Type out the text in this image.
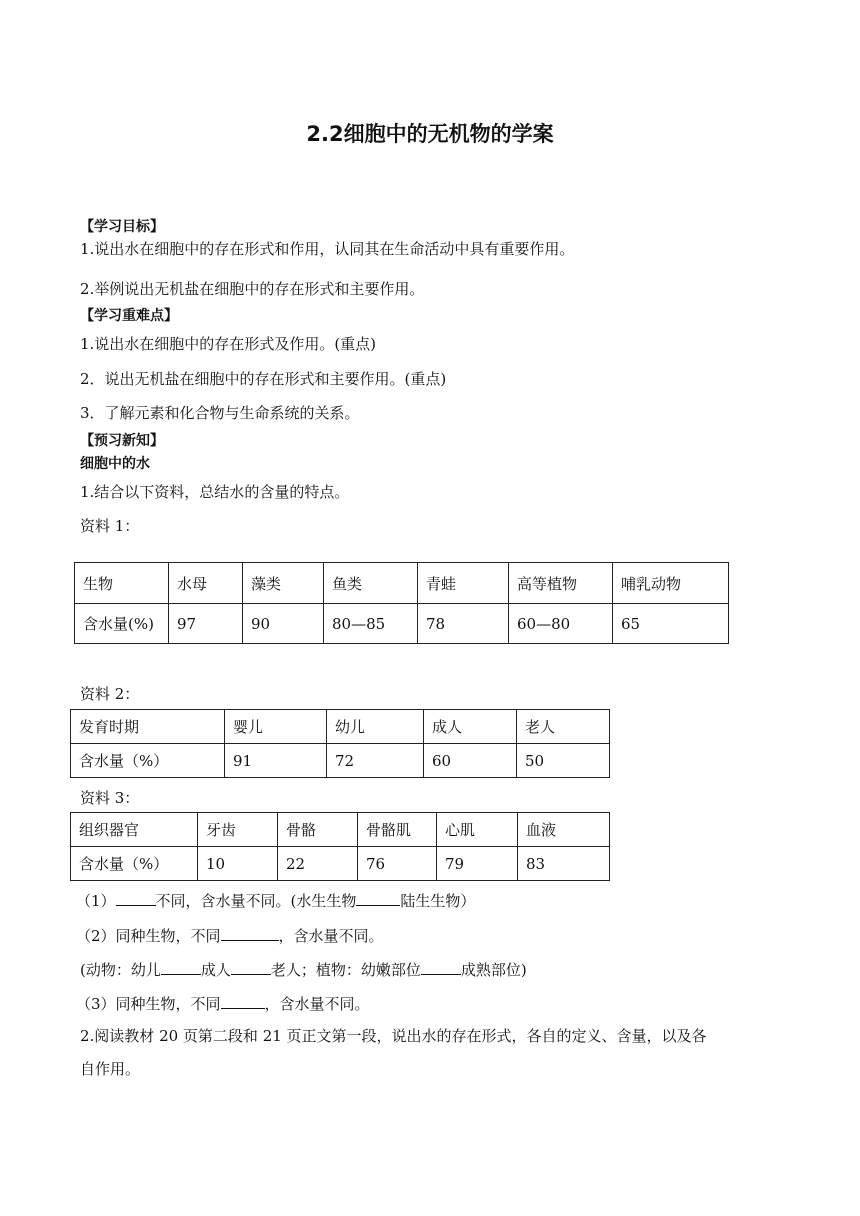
2.2细胞中的无机物的学案
【学习目标】
1.说出水在细胞中的存在形式和作用，认同其在生命活动中具有重要作用。
2.举例说出无机盐在细胞中的存在形式和主要作用。
【学习重难点】
1.说出水在细胞中的存在形式及作用。(重点)
2．说出无机盐在细胞中的存在形式和主要作用。(重点)
3．了解元素和化合物与生命系统的关系。
【预习新知】
细胞中的水
1.结合以下资料，总结水的含量的特点。
资料 1：
生物	水母	藻类	鱼类	青蛙	高等植物	哺乳动物
含水量(%)	97	90	80—85	78	60—80	65
资料 2：
发育时期	婴儿	幼儿	成人	老人
含水量（%）	91	72	60	50
资料 3：
组织器官	牙齿	骨骼	骨骼肌	心肌	血液
含水量（%）	10	22	76	79	83
（1）	不同，含水量不同。(水生生物	陆生生物）
（2）同种生物，不同	，含水量不同。
(动物：幼儿	成人	老人；植物：幼嫩部位	成熟部位)
（3）同种生物，不同	，含水量不同。
2.阅读教材 20 页第二段和 21 页正文第一段，说出水的存在形式，各自的定义、含量，以及各
自作用。
